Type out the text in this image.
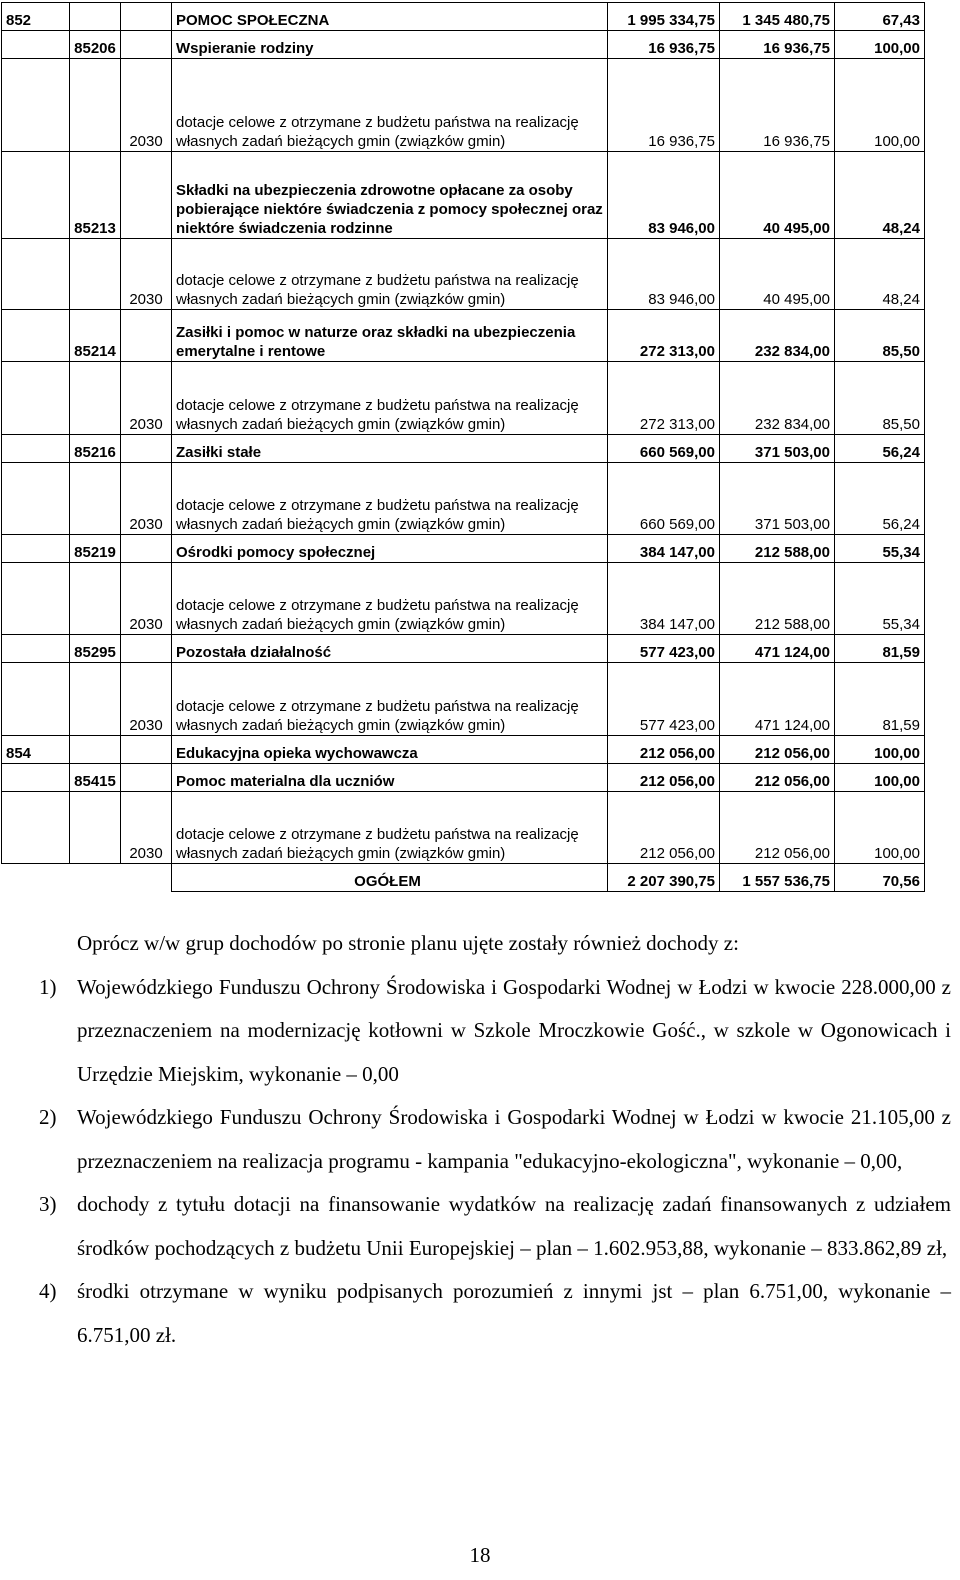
852			POMOC SPOŁECZNA	1 995 334,75	1 345 480,75	67,43
	85206		Wspieranie rodziny	16 936,75	16 936,75	100,00
		2030	dotacje celowe z otrzymane z budżetu państwa na realizację własnych zadań bieżących gmin (związków gmin)	16 936,75	16 936,75	100,00
	85213		Składki na ubezpieczenia zdrowotne opłacane za osoby pobierające niektóre świadczenia z pomocy społecznej oraz niektóre świadczenia rodzinne	83 946,00	40 495,00	48,24
		2030	dotacje celowe z otrzymane z budżetu państwa na realizację własnych zadań bieżących gmin (związków gmin)	83 946,00	40 495,00	48,24
	85214		Zasiłki i pomoc w naturze oraz składki na ubezpieczenia emerytalne i rentowe	272 313,00	232 834,00	85,50
		2030	dotacje celowe z otrzymane z budżetu państwa na realizację własnych zadań bieżących gmin (związków gmin)	272 313,00	232 834,00	85,50
	85216		Zasiłki stałe	660 569,00	371 503,00	56,24
		2030	dotacje celowe z otrzymane z budżetu państwa na realizację własnych zadań bieżących gmin (związków gmin)	660 569,00	371 503,00	56,24
	85219		Ośrodki pomocy społecznej	384 147,00	212 588,00	55,34
		2030	dotacje celowe z otrzymane z budżetu państwa na realizację własnych zadań bieżących gmin (związków gmin)	384 147,00	212 588,00	55,34
	85295		Pozostała działalność	577 423,00	471 124,00	81,59
		2030	dotacje celowe z otrzymane z budżetu państwa na realizację własnych zadań bieżących gmin (związków gmin)	577 423,00	471 124,00	81,59
854			Edukacyjna opieka wychowawcza	212 056,00	212 056,00	100,00
	85415		Pomoc materialna dla uczniów	212 056,00	212 056,00	100,00
		2030	dotacje celowe z otrzymane z budżetu państwa na realizację własnych zadań bieżących gmin (związków gmin)	212 056,00	212 056,00	100,00
			OGÓŁEM	2 207 390,75	1 557 536,75	70,56

Oprócz w/w grup dochodów po stronie planu ujęte zostały również dochody z:

1) Wojewódzkiego Funduszu Ochrony Środowiska i Gospodarki Wodnej w Łodzi w kwocie 228.000,00 z przeznaczeniem na modernizację kotłowni w Szkole Mroczkowie Gość., w szkole w Ogonowicach i Urzędzie Miejskim, wykonanie – 0,00
2) Wojewódzkiego Funduszu Ochrony Środowiska i Gospodarki Wodnej w Łodzi w kwocie 21.105,00 z przeznaczeniem na realizacja programu - kampania "edukacyjno-ekologiczna", wykonanie – 0,00,
3) dochody z tytułu dotacji na finansowanie wydatków na realizację zadań finansowanych z udziałem środków pochodzących z budżetu Unii Europejskiej – plan – 1.602.953,88, wykonanie – 833.862,89 zł,
4) środki otrzymane w wyniku podpisanych porozumień z innymi jst – plan 6.751,00, wykonanie – 6.751,00 zł.
18
